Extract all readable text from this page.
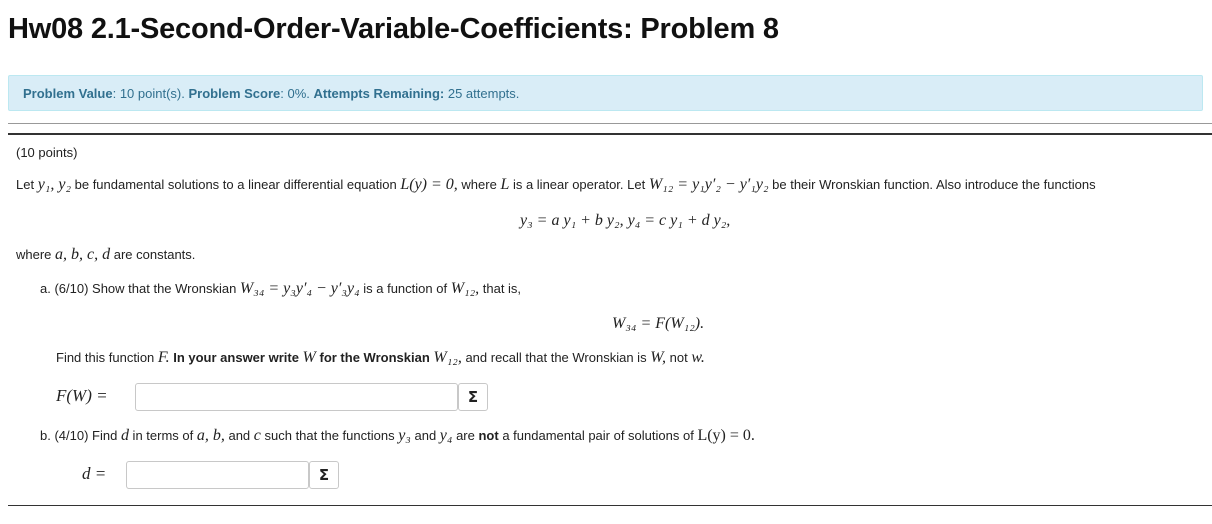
Hw08 2.1-Second-Order-Variable-Coefficients: Problem 8
Problem Value : 10 point(s).
Problem Score : 0%.
Attempts Remaining:
25 attempts.
(10 points)
Let y₁, y₂ be fundamental solutions to a linear differential equation L(y) = 0, where L is a linear operator. Let W₁₂ = y₁y′₂ − y′₁y₂ be their Wronskian function. Also introduce the functions
y₃ = a y₁ + b y₂, y₄ = c y₁ + d y₂,
where a, b, c, d are constants.
a. (6/10) Show that the Wronskian W₃₄ = y₃y′₄ − y′₃y₄ is a function of W₁₂, that is,
W₃₄ = F(W₁₂).
Find this function F. In your answer write W for the Wronskian W₁₂, and recall that the Wronskian is W, not w.
F(W) =	Σ
b. (4/10) Find d in terms of a, b, and c such that the functions y₃ and y₄ are not a fundamental pair of solutions of L(y) = 0.
d =	Σ
